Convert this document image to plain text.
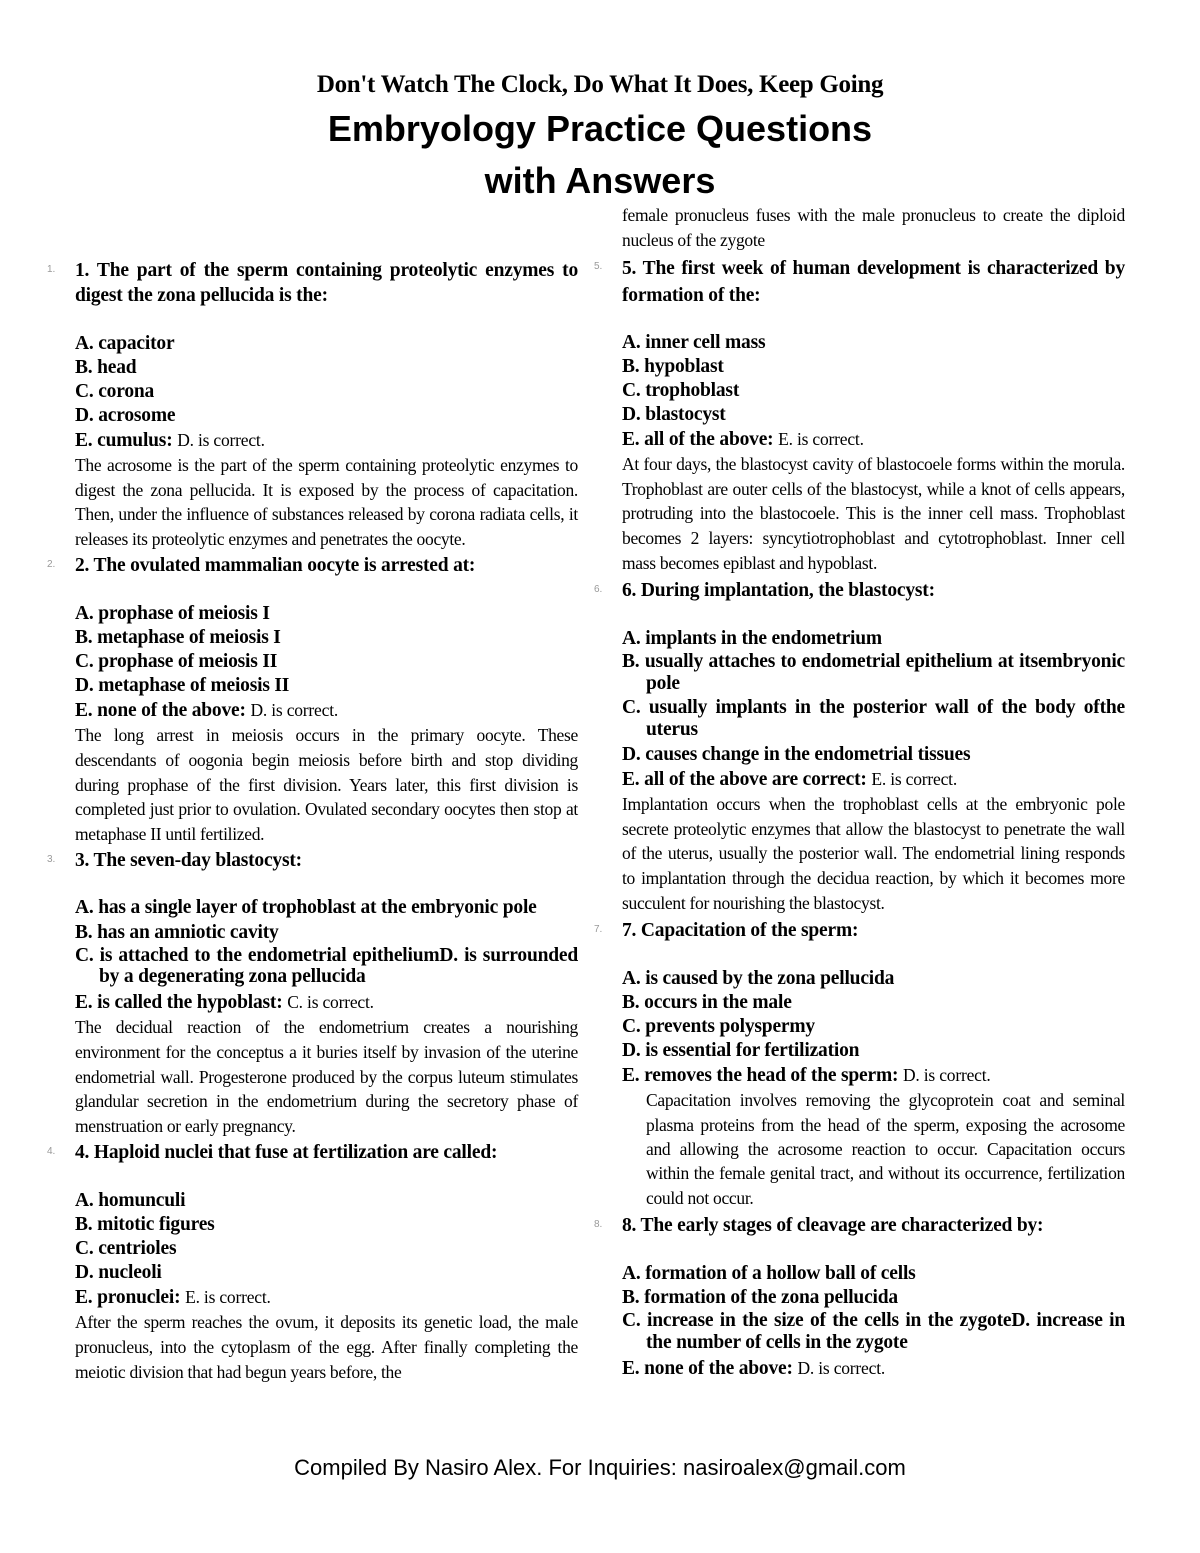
Don't Watch The Clock, Do What It Does, Keep Going
Embryology Practice Questions
with Answers
1. 1. The part of the sperm containing proteolytic enzymes to digest the zona pellucida is the:
A. capacitor
B. head
C. corona
D. acrosome
E. cumulus: D. is correct.
The acrosome is the part of the sperm containing proteolytic enzymes to digest the zona pellucida. It is exposed by the process of capacitation. Then, under the influence of substances released by corona radiata cells, it releases its proteolytic enzymes and penetrates the oocyte.
2. 2. The ovulated mammalian oocyte is arrested at:
A. prophase of meiosis I
B. metaphase of meiosis I
C. prophase of meiosis II
D. metaphase of meiosis II
E. none of the above: D. is correct.
The long arrest in meiosis occurs in the primary oocyte. These descendants of oogonia begin meiosis before birth and stop dividing during prophase of the first division. Years later, this first division is completed just prior to ovulation. Ovulated secondary oocytes then stop at metaphase II until fertilized.
3. 3. The seven-day blastocyst:
A. has a single layer of trophoblast at the embryonic pole
B. has an amniotic cavity
C. is attached to the endometrial epitheliumD. is surrounded by a degenerating zona pellucida
E. is called the hypoblast: C. is correct.
The decidual reaction of the endometrium creates a nourishing environment for the conceptus a it buries itself by invasion of the uterine endometrial wall. Progesterone produced by the corpus luteum stimulates glandular secretion in the endometrium during the secretory phase of menstruation or early pregnancy.
4. 4. Haploid nuclei that fuse at fertilization are called:
A. homunculi
B. mitotic figures
C. centrioles
D. nucleoli
E. pronuclei: E. is correct.
After the sperm reaches the ovum, it deposits its genetic load, the male pronucleus, into the cytoplasm of the egg. After finally completing the meiotic division that had begun years before, the
female pronucleus fuses with the male pronucleus to create the diploid nucleus of the zygote
5. 5. The first week of human development is characterized by formation of the:
A. inner cell mass
B. hypoblast
C. trophoblast
D. blastocyst
E. all of the above: E. is correct.
At four days, the blastocyst cavity of blastocoele forms within the morula. Trophoblast are outer cells of the blastocyst, while a knot of cells appears, protruding into the blastocoele. This is the inner cell mass. Trophoblast becomes 2 layers: syncytiotrophoblast and cytotrophoblast. Inner cell mass becomes epiblast and hypoblast.
6. 6. During implantation, the blastocyst:
A. implants in the endometrium
B. usually attaches to endometrial epithelium at itsembryonic pole
C. usually implants in the posterior wall of the body ofthe uterus
D. causes change in the endometrial tissues
E. all of the above are correct: E. is correct.
Implantation occurs when the trophoblast cells at the embryonic pole secrete proteolytic enzymes that allow the blastocyst to penetrate the wall of the uterus, usually the posterior wall. The endometrial lining responds to implantation through the decidua reaction, by which it becomes more succulent for nourishing the blastocyst.
7. 7. Capacitation of the sperm:
A. is caused by the zona pellucida
B. occurs in the male
C. prevents polyspermy
D. is essential for fertilization
E. removes the head of the sperm: D. is correct.
Capacitation involves removing the glycoprotein coat and seminal plasma proteins from the head of the sperm, exposing the acrosome and allowing the acrosome reaction to occur. Capacitation occurs within the female genital tract, and without its occurrence, fertilization could not occur.
8. 8. The early stages of cleavage are characterized by:
A. formation of a hollow ball of cells
B. formation of the zona pellucida
C. increase in the size of the cells in the zygoteD. increase in the number of cells in the zygote
E. none of the above: D. is correct.
Compiled By Nasiro Alex. For Inquiries: nasiroalex@gmail.com
